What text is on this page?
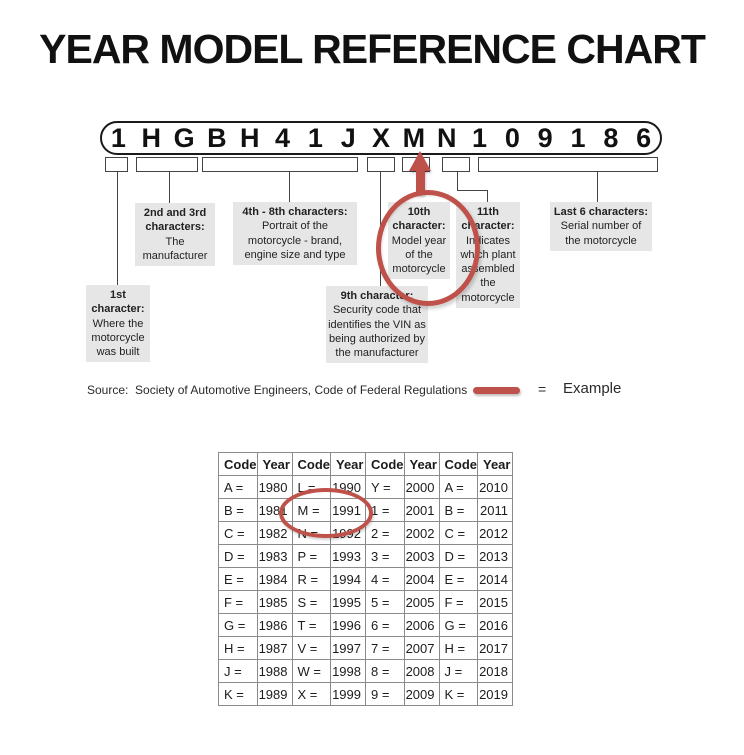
YEAR MODEL REFERENCE CHART
1 H G B H 4 1 J X M N 1 0 9 1 8 6
1st character:
Where the motorcycle was built
2nd and 3rd characters:
The manufacturer
4th - 8th characters:
Portrait of the motorcycle - brand, engine size and type
9th character:
Security code that identifies the VIN as being authorized by the manufacturer
10th character:
Model year of the motorcycle
11th character:
Indicates which plant assembled the motorcycle
Last 6 characters:
Serial number of the motorcycle
Source:  Society of Automotive Engineers, Code of Federal Regulations	= Example
Code	Year	Code	Year	Code	Year	Code	Year
A =	1980	L =	1990	Y =	2000	A =	2010
B =	1981	M =	1991	1 =	2001	B =	2011
C =	1982	N =	1992	2 =	2002	C =	2012
D =	1983	P =	1993	3 =	2003	D =	2013
E =	1984	R =	1994	4 =	2004	E =	2014
F =	1985	S =	1995	5 =	2005	F =	2015
G =	1986	T =	1996	6 =	2006	G =	2016
H =	1987	V =	1997	7 =	2007	H =	2017
J =	1988	W =	1998	8 =	2008	J =	2018
K =	1989	X =	1999	9 =	2009	K =	2019
